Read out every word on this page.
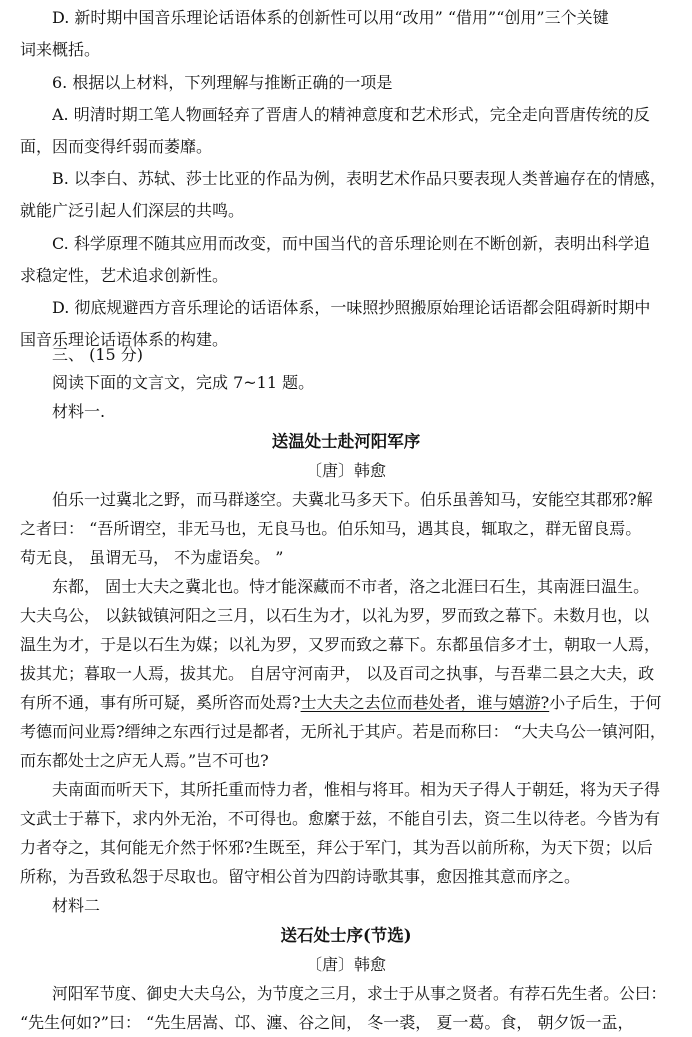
D. 新时期中国音乐理论话语体系的创新性可以用“改用” “借用”“创用”三个关键
词来概括。
6. 根据以上材料，下列理解与推断正确的一项是
A. 明清时期工笔人物画轻弃了晋唐人的精神意度和艺术形式，完全走向晋唐传统的反
面，因而变得纤弱而萎靡。
B. 以李白、苏轼、莎士比亚的作品为例，表明艺术作品只要表现人类普遍存在的情感，
就能广泛引起人们深层的共鸣。
C. 科学原理不随其应用而改变，而中国当代的音乐理论则在不断创新，表明出科学追
求稳定性，艺术追求创新性。
D. 彻底规避西方音乐理论的话语体系，一味照抄照搬原始理论话语都会阻碍新时期中
国音乐理论话语体系的构建。
三、 (15 分)
阅读下面的文言文，完成 7~11 题。
材料一.
送温处士赴河阳军序
〔唐〕韩愈
伯乐一过冀北之野，而马群遂空。夫冀北马多天下。伯乐虽善知马，安能空其郡邪?解
之者曰： “吾所谓空，非无马也，无良马也。伯乐知马，遇其良，辄取之，群无留良焉。
苟无良， 虽谓无马， 不为虚语矣。 ”
东都， 固士大夫之冀北也。恃才能深藏而不市者，洛之北涯曰石生，其南涯曰温生。
大夫乌公， 以鈇钺镇河阳之三月，以石生为才，以礼为罗，罗而致之幕下。未数月也，以
温生为才，于是以石生为媒；以礼为罗，又罗而致之幕下。东都虽信多才士，朝取一人焉，
拔其尤；暮取一人焉，拔其尤。 自居守河南尹， 以及百司之执事，与吾辈二县之大夫，政
有所不通，事有所可疑，奚所咨而处焉?士大夫之去位而巷处者，谁与嬉游?小子后生，于何
考德而问业焉?缙绅之东西行过是都者，无所礼于其庐。若是而称曰： “大夫乌公一镇河阳，
而东都处士之庐无人焉。”岂不可也?
夫南面而听天下，其所托重而恃力者，惟相与将耳。相为天子得人于朝廷，将为天子得
文武士于幕下，求内外无治，不可得也。愈縻于兹，不能自引去，资二生以待老。今皆为有
力者夺之，其何能无介然于怀邪?生既至，拜公于军门，其为吾以前所称，为天下贺；以后
所称，为吾致私怨于尽取也。留守相公首为四韵诗歌其事，愈因推其意而序之。
材料二
送石处士序(节选)
〔唐〕韩愈
河阳军节度、御史大夫乌公，为节度之三月，求士于从事之贤者。有荐石先生者。公曰：
“先生何如?”曰： “先生居嵩、邙、瀍、谷之间， 冬一裘， 夏一葛。食， 朝夕饭一盂，
